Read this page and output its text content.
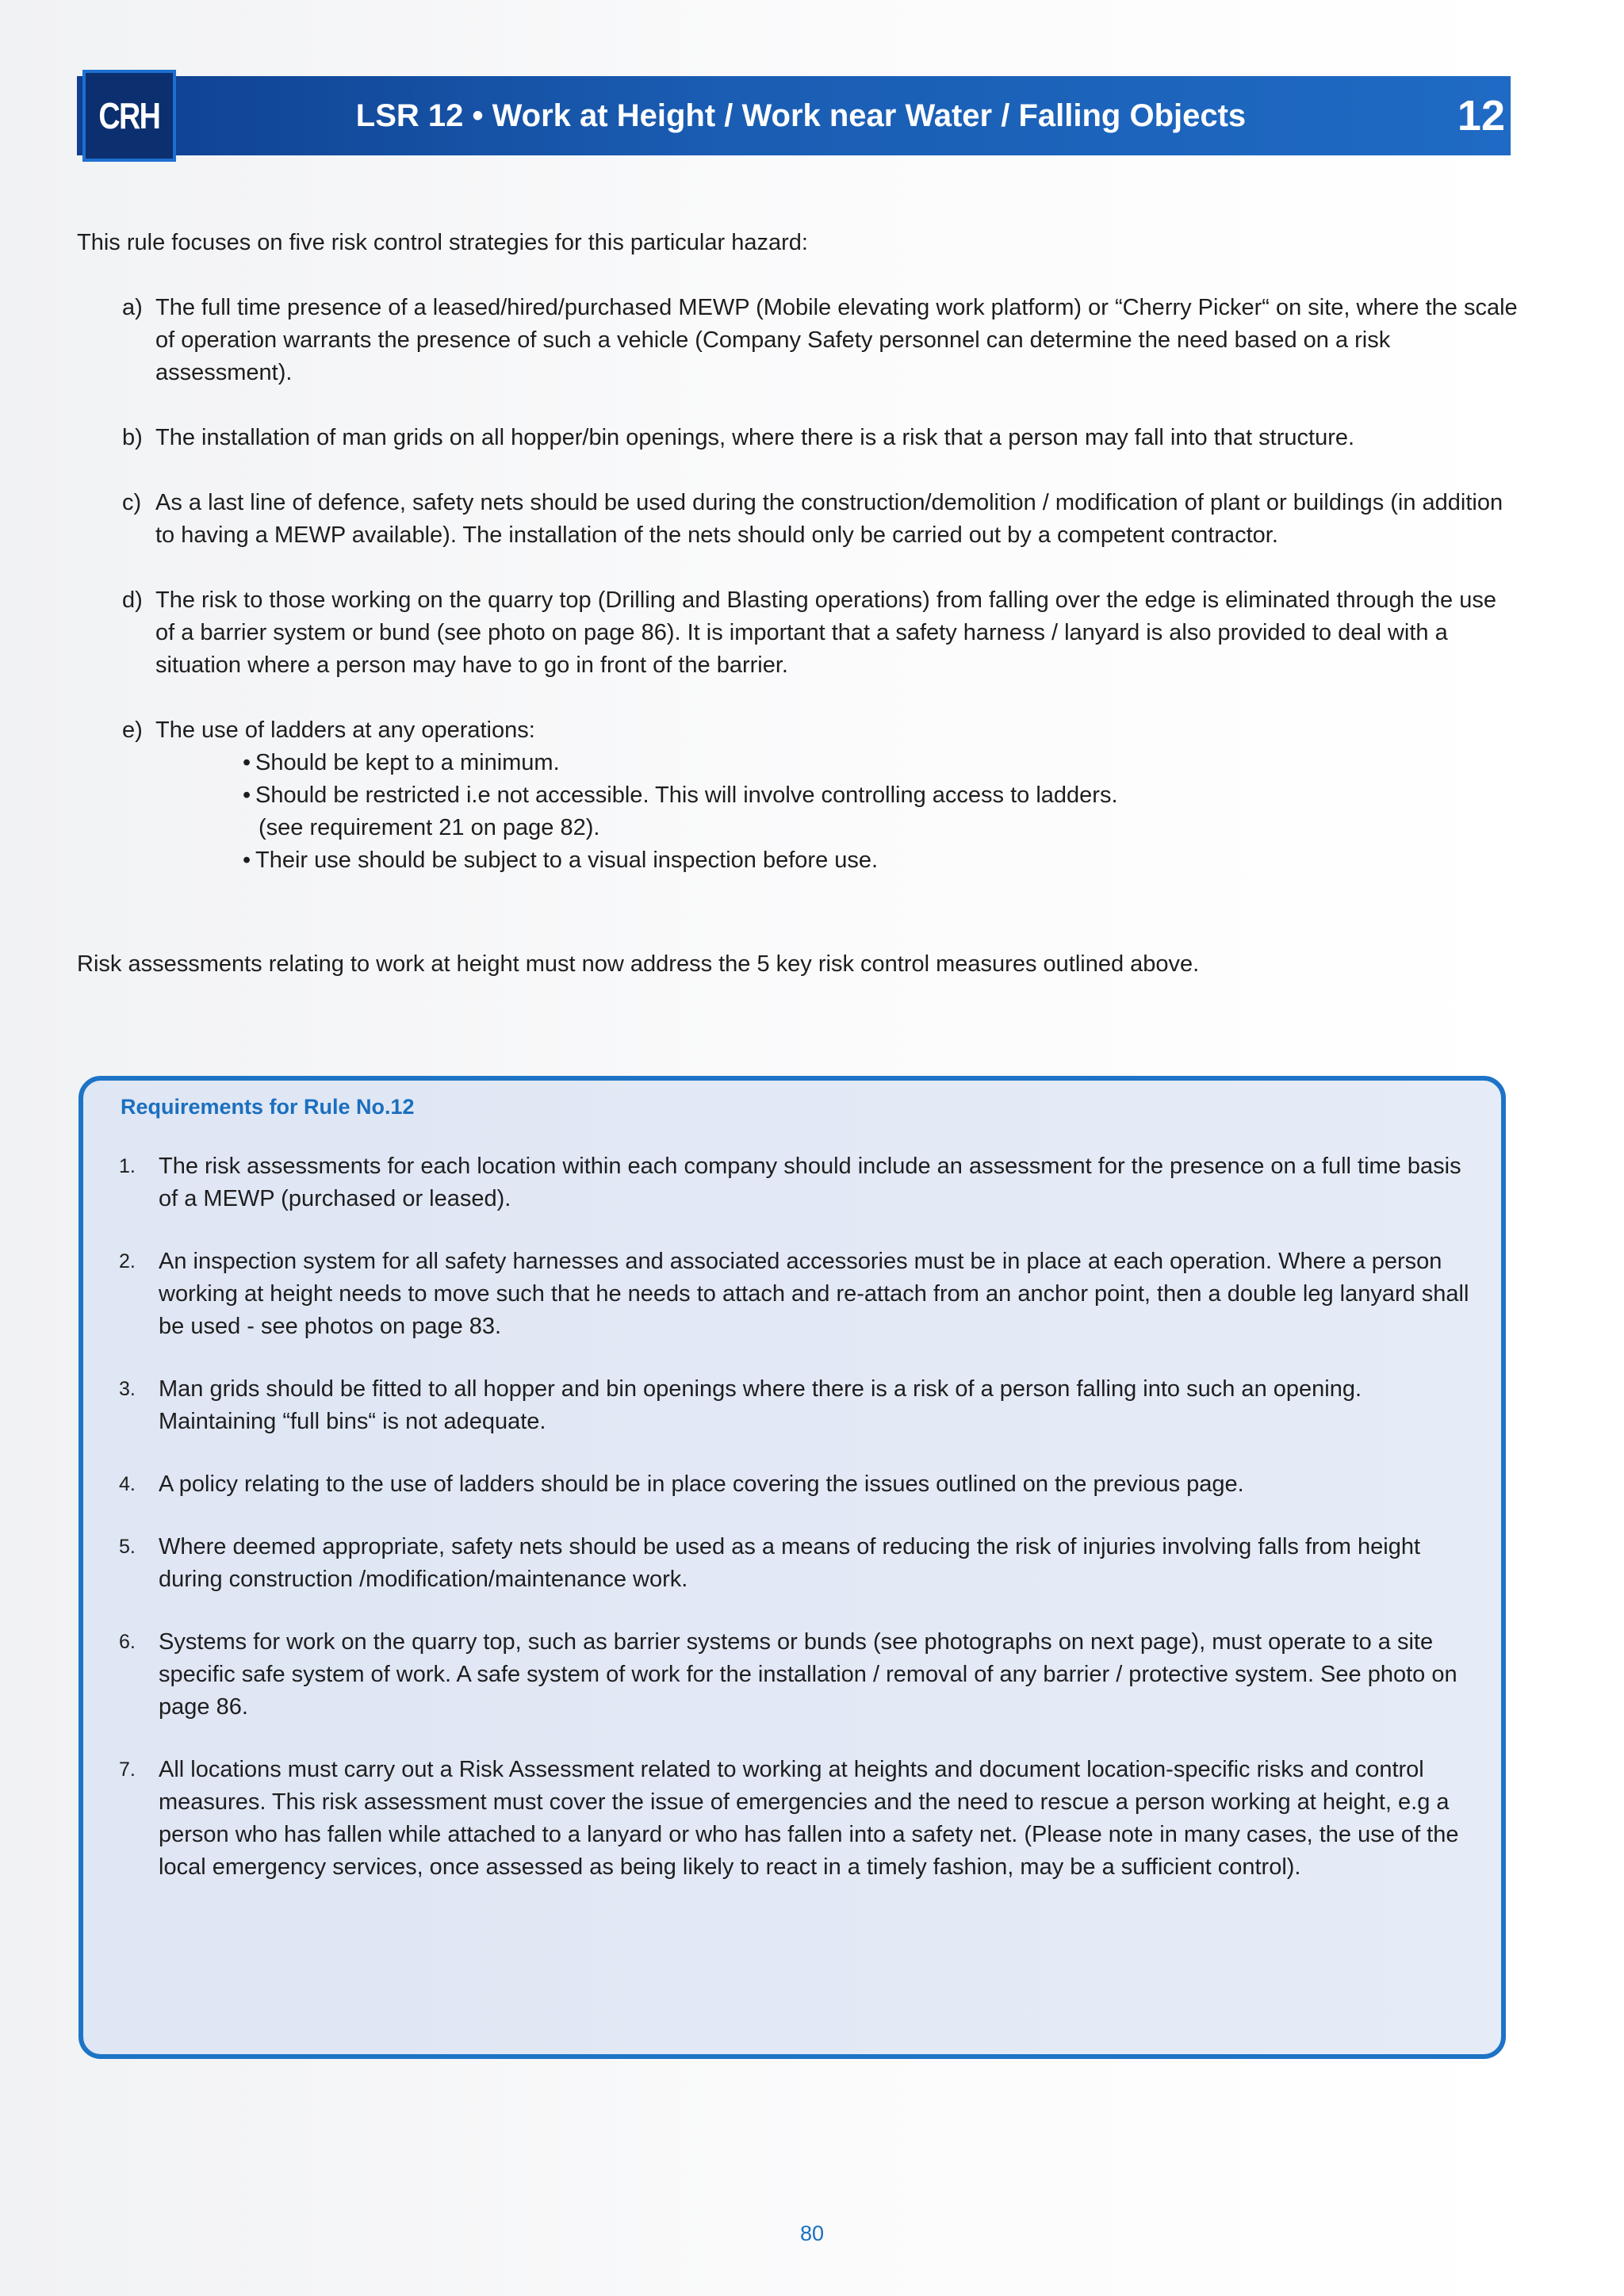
CRH	LSR 12 • Work at Height / Work near Water / Falling Objects	12
This rule focuses on five risk control strategies for this particular hazard:
a) The full time presence of a leased/hired/purchased MEWP (Mobile elevating work platform) or “Cherry Picker“ on site, where the scale of operation warrants the presence of such a vehicle (Company Safety personnel can determine the need based on a risk assessment).
b) The installation of man grids on all hopper/bin openings, where there is a risk that a person may fall into that structure.
c) As a last line of defence, safety nets should be used during the construction/demolition / modification of plant or buildings (in addition to having a MEWP available). The installation of the nets should only be carried out by a competent contractor.
d) The risk to those working on the quarry top (Drilling and Blasting operations) from falling over the edge is eliminated through the use of a barrier system or bund (see photo on page 86). It is important that a safety harness / lanyard is also provided to deal with a situation where a person may have to go in front of the barrier.
e) The use of ladders at any operations:
• Should be kept to a minimum.
• Should be restricted i.e not accessible. This will involve controlling access to ladders.
(see requirement 21 on page 82).
• Their use should be subject to a visual inspection before use.
Risk assessments relating to work at height must now address the 5 key risk control measures outlined above.
Requirements for Rule No.12
1.	The risk assessments for each location within each company should include an assessment for the presence on a full time basis of a MEWP (purchased or leased).
2.	An inspection system for all safety harnesses and associated accessories must be in place at each operation. Where a person working at height needs to move such that he needs to attach and re-attach from an anchor point, then a double leg lanyard shall be used - see photos on page 83.
3.	Man grids should be fitted to all hopper and bin openings where there is a risk of a person falling into such an opening. Maintaining “full bins“ is not adequate.
4.	A policy relating to the use of ladders should be in place covering the issues outlined on the previous page.
5.	Where deemed appropriate, safety nets should be used as a means of reducing the risk of injuries involving falls from height during construction /modification/maintenance work.
6.	Systems for work on the quarry top, such as barrier systems or bunds (see photographs on next page), must operate to a site specific safe system of work. A safe system of work for the installation / removal of any barrier / protective system. See photo on page 86.
7.	All locations must carry out a Risk Assessment related to working at heights and document location-specific risks and control measures. This risk assessment must cover the issue of emergencies and the need to rescue a person working at height, e.g a person who has fallen while attached to a lanyard or who has fallen into a safety net. (Please note in many cases, the use of the local emergency services, once assessed as being likely to react in a timely fashion, may be a sufficient control).
80
